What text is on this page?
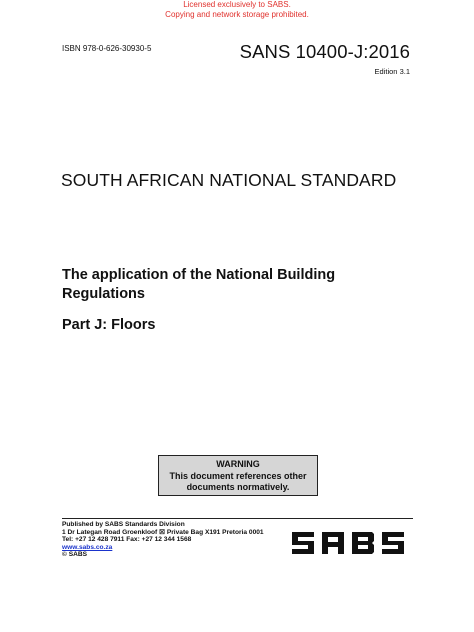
Licensed exclusively to SABS.
Copying and network storage prohibited.
ISBN 978-0-626-30930-5	SANS 10400-J:2016
Edition 3.1
SOUTH AFRICAN NATIONAL STANDARD
The application of the National Building
Regulations
Part J: Floors
WARNING
This document references other
documents normatively.
Published by SABS Standards Division
1 Dr Lategan Road Groenkloof ☒ Private Bag X191 Pretoria 0001
Tel: +27 12 428 7911 Fax: +27 12 344 1568
www.sabs.co.za
© SABS
SABS
